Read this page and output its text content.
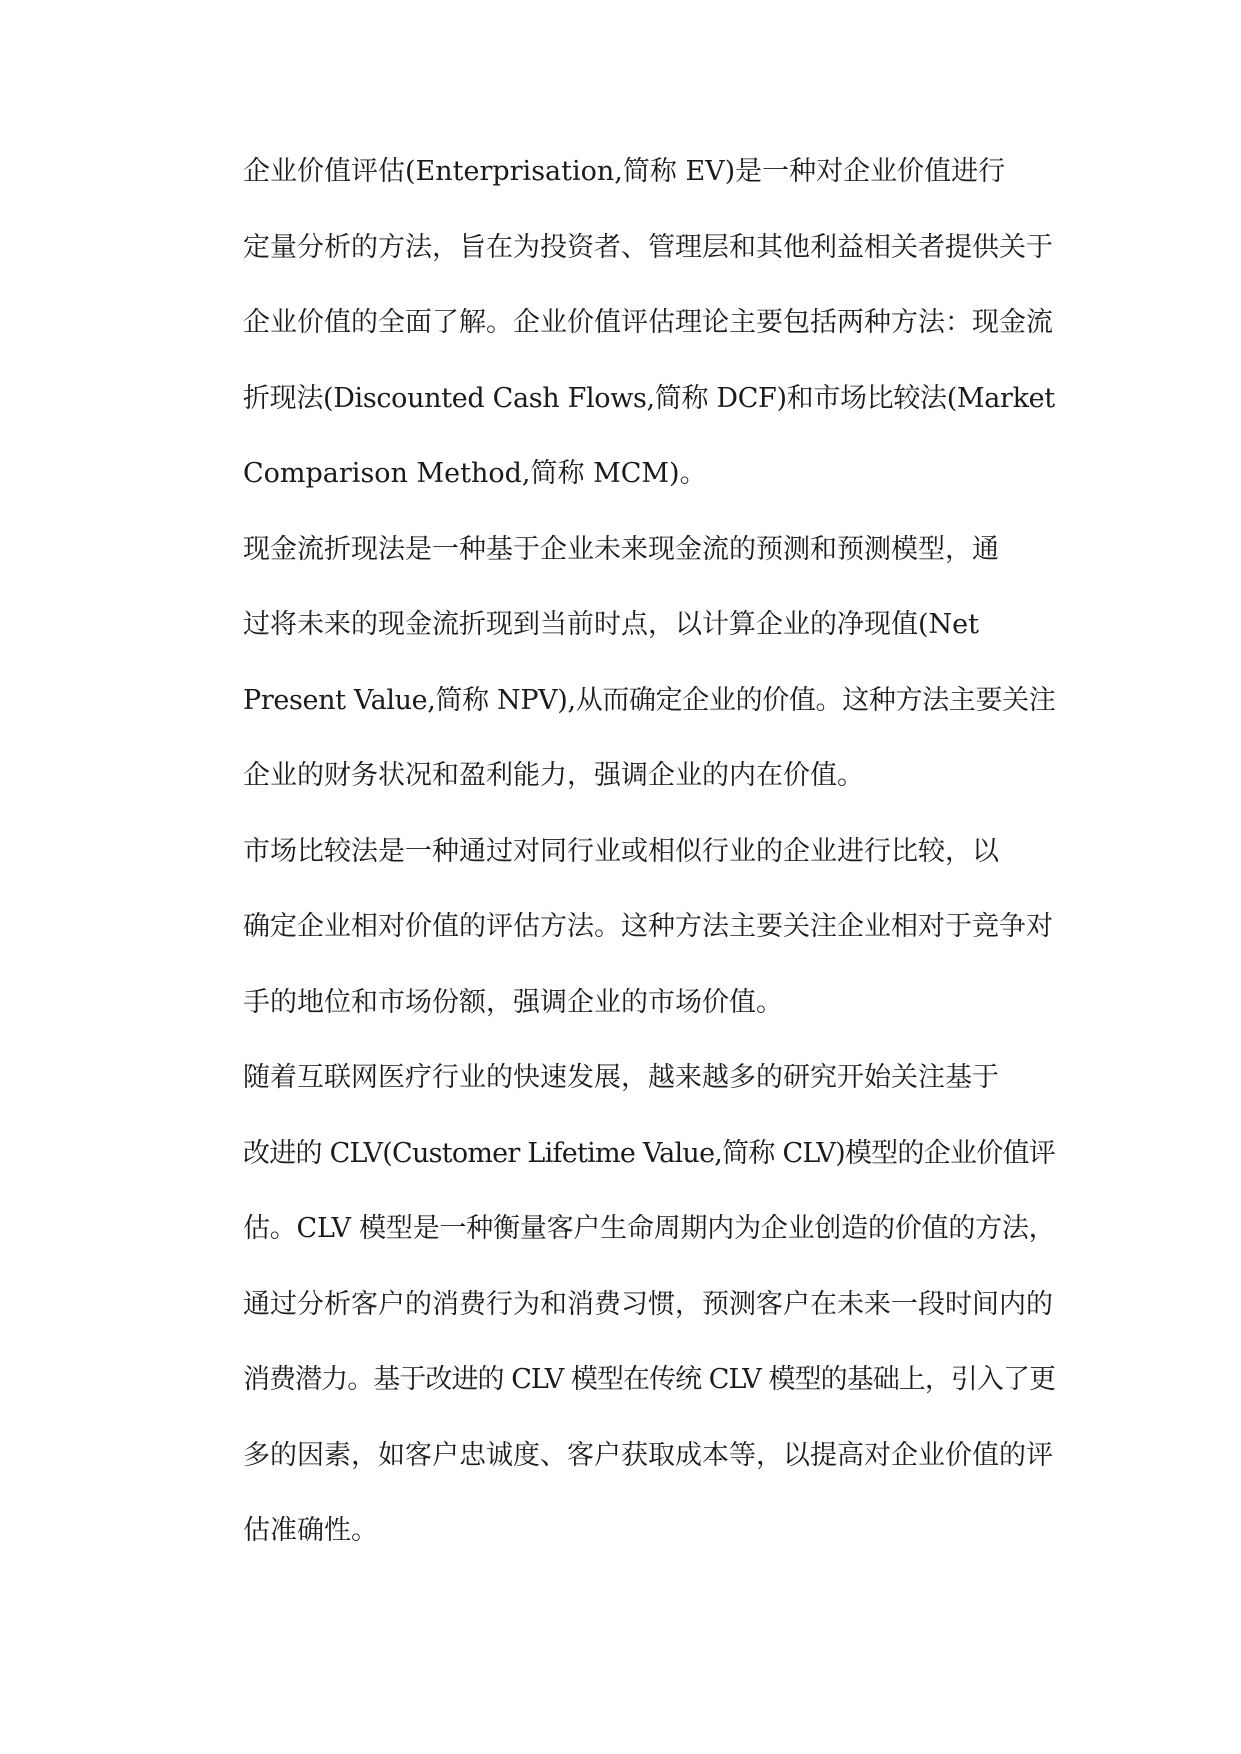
企业价值评估(Enterprisation,简称 EV)是一种对企业价值进行
定量分析的方法，旨在为投资者、管理层和其他利益相关者提供关于
企业价值的全面了解。企业价值评估理论主要包括两种方法：现金流
折现法(Discounted Cash Flows,简称 DCF)和市场比较法(Market
Comparison Method,简称 MCM)。

现金流折现法是一种基于企业未来现金流的预测和预测模型，通
过将未来的现金流折现到当前时点，以计算企业的净现值(Net
Present Value,简称 NPV),从而确定企业的价值。这种方法主要关注
企业的财务状况和盈利能力，强调企业的内在价值。

市场比较法是一种通过对同行业或相似行业的企业进行比较，以
确定企业相对价值的评估方法。这种方法主要关注企业相对于竞争对
手的地位和市场份额，强调企业的市场价值。

随着互联网医疗行业的快速发展，越来越多的研究开始关注基于
改进的 CLV(Customer Lifetime Value,简称 CLV)模型的企业价值评
估。CLV 模型是一种衡量客户生命周期内为企业创造的价值的方法，
通过分析客户的消费行为和消费习惯，预测客户在未来一段时间内的
消费潜力。基于改进的 CLV 模型在传统 CLV 模型的基础上，引入了更
多的因素，如客户忠诚度、客户获取成本等，以提高对企业价值的评
估准确性。
